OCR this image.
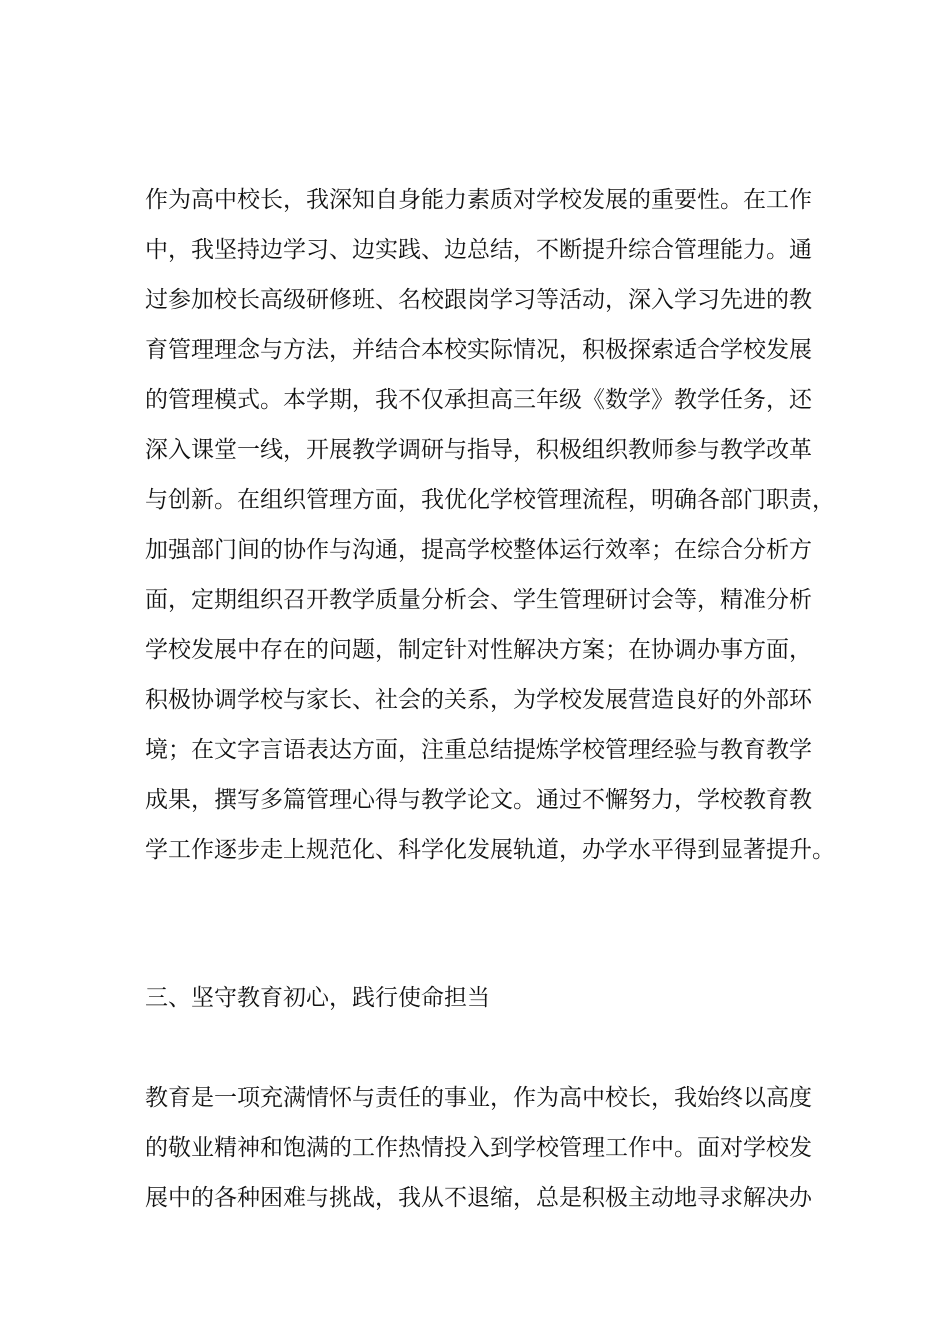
作为高中校长，我深知自身能力素质对学校发展的重要性。在工作
中，我坚持边学习、边实践、边总结，不断提升综合管理能力。通
过参加校长高级研修班、名校跟岗学习等活动，深入学习先进的教
育管理理念与方法，并结合本校实际情况，积极探索适合学校发展
的管理模式。本学期，我不仅承担高三年级《数学》教学任务，还
深入课堂一线，开展教学调研与指导，积极组织教师参与教学改革
与创新。在组织管理方面，我优化学校管理流程，明确各部门职责，
加强部门间的协作与沟通，提高学校整体运行效率；在综合分析方
面，定期组织召开教学质量分析会、学生管理研讨会等，精准分析
学校发展中存在的问题，制定针对性解决方案；在协调办事方面，
积极协调学校与家长、社会的关系，为学校发展营造良好的外部环
境；在文字言语表达方面，注重总结提炼学校管理经验与教育教学
成果，撰写多篇管理心得与教学论文。通过不懈努力，学校教育教
学工作逐步走上规范化、科学化发展轨道，办学水平得到显著提升。
三、坚守教育初心，践行使命担当
教育是一项充满情怀与责任的事业，作为高中校长，我始终以高度
的敬业精神和饱满的工作热情投入到学校管理工作中。面对学校发
展中的各种困难与挑战，我从不退缩，总是积极主动地寻求解决办
